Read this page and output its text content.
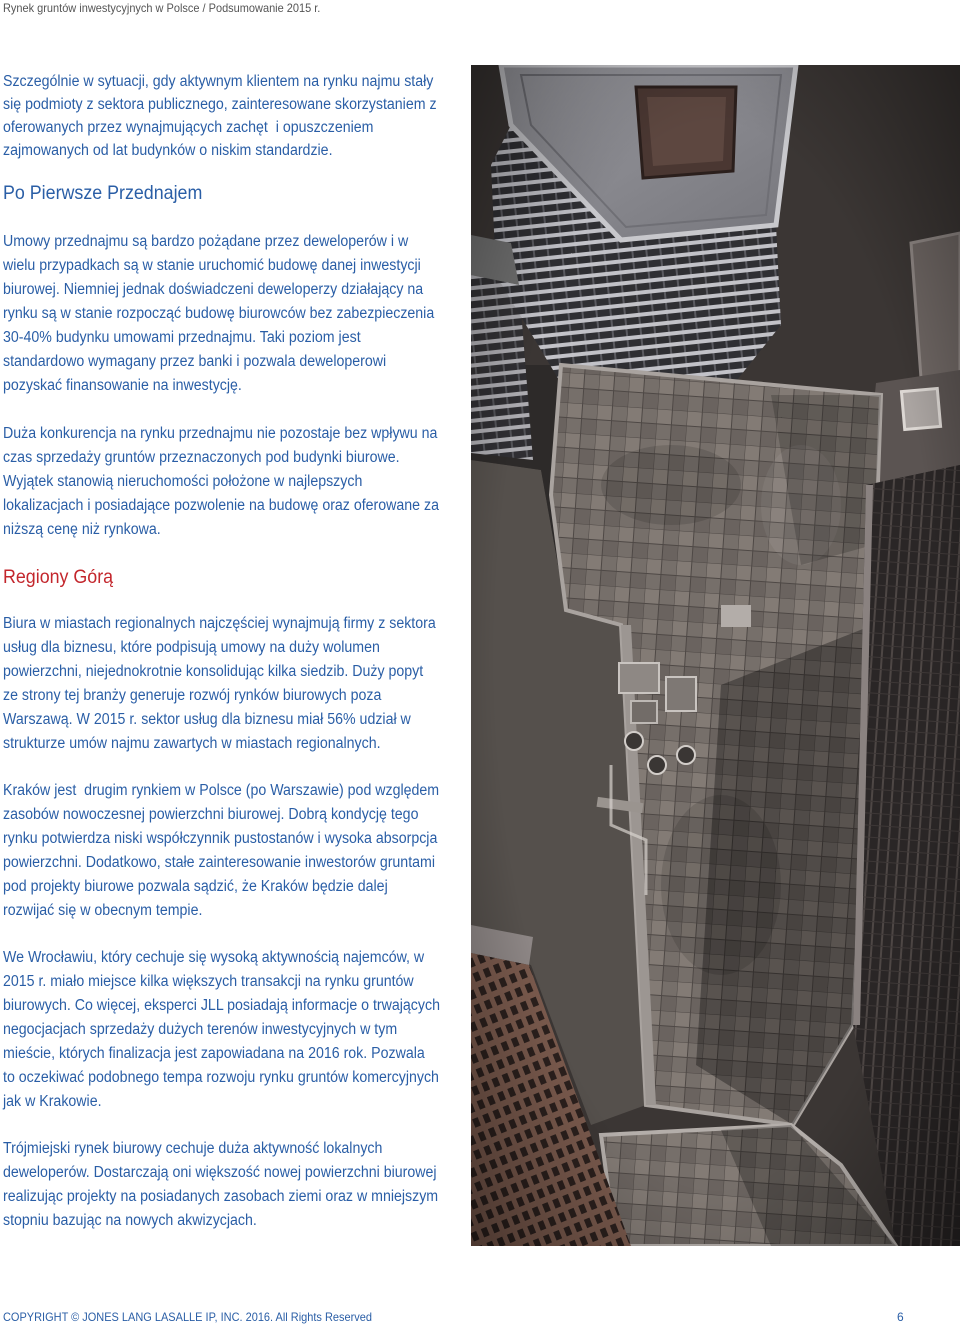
Rynek gruntów inwestycyjnych w Polsce / Podsumowanie 2015 r.
Szczególnie w sytuacji, gdy aktywnym klientem na rynku najmu stały
się podmioty z sektora publicznego, zainteresowane skorzystaniem z
oferowanych przez wynajmujących zachęt  i opuszczeniem
zajmowanych od lat budynków o niskim standardzie.
Po Pierwsze Przednajem
Umowy przednajmu są bardzo pożądane przez deweloperów i w
wielu przypadkach są w stanie uruchomić budowę danej inwestycji
biurowej. Niemniej jednak doświadczeni deweloperzy działający na
rynku są w stanie rozpocząć budowę biurowców bez zabezpieczenia
30-40% budynku umowami przednajmu. Taki poziom jest
standardowo wymagany przez banki i pozwala deweloperowi
pozyskać finansowanie na inwestycję.
Duża konkurencja na rynku przednajmu nie pozostaje bez wpływu na
czas sprzedaży gruntów przeznaczonych pod budynki biurowe.
Wyjątek stanowią nieruchomości położone w najlepszych
lokalizacjach i posiadające pozwolenie na budowę oraz oferowane za
niższą cenę niż rynkowa.
Regiony Górą
Biura w miastach regionalnych najczęściej wynajmują firmy z sektora
usług dla biznesu, które podpisują umowy na duży wolumen
powierzchni, niejednokrotnie konsolidując kilka siedzib. Duży popyt
ze strony tej branży generuje rozwój rynków biurowych poza
Warszawą. W 2015 r. sektor usług dla biznesu miał 56% udział w
strukturze umów najmu zawartych w miastach regionalnych.
Kraków jest  drugim rynkiem w Polsce (po Warszawie) pod względem
zasobów nowoczesnej powierzchni biurowej. Dobrą kondycję tego
rynku potwierdza niski współczynnik pustostanów i wysoka absorpcja
powierzchni. Dodatkowo, stałe zainteresowanie inwestorów gruntami
pod projekty biurowe pozwala sądzić, że Kraków będzie dalej
rozwijać się w obecnym tempie.
We Wrocławiu, który cechuje się wysoką aktywnością najemców, w
2015 r. miało miejsce kilka większych transakcji na rynku gruntów
biurowych. Co więcej, eksperci JLL posiadają informacje o trwających
negocjacjach sprzedaży dużych terenów inwestycyjnych w tym
mieście, których finalizacja jest zapowiadana na 2016 rok. Pozwala
to oczekiwać podobnego tempa rozwoju rynku gruntów komercyjnych
jak w Krakowie.
Trójmiejski rynek biurowy cechuje duża aktywność lokalnych
deweloperów. Dostarczają oni większość nowej powierzchni biurowej
realizując projekty na posiadanych zasobach ziemi oraz w mniejszym
stopniu bazując na nowych akwizycjach.
COPYRIGHT © JONES LANG LASALLE IP, INC. 2016. All Rights Reserved	6
